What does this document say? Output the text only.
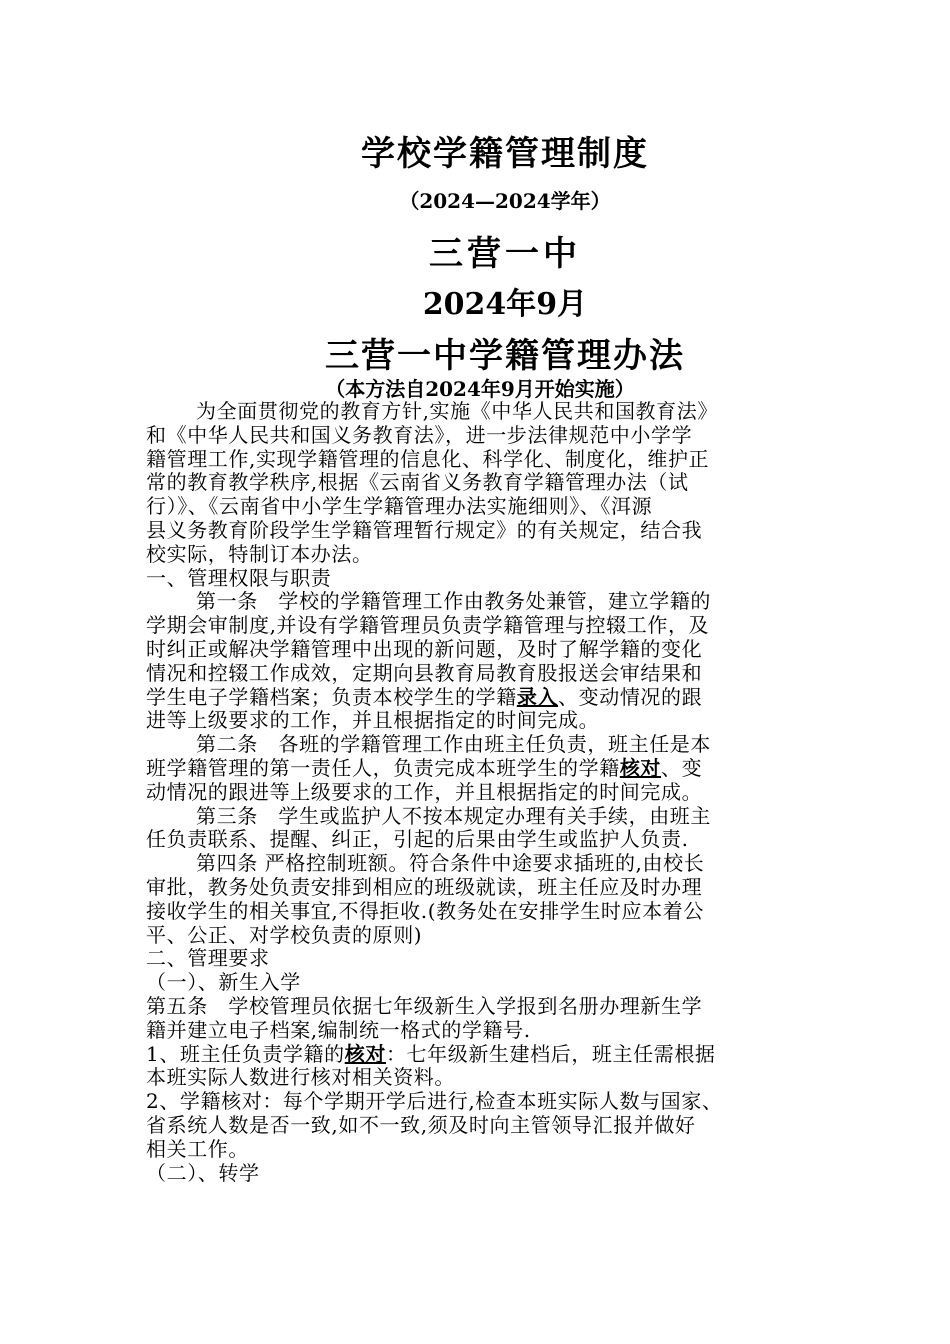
学校学籍管理制度
（2024—2024学年）
三营一中
2024年9月
三营一中学籍管理办法
（本方法自2024年9月开始实施）
为全面贯彻党的教育方针,实施《中华人民共和国教育法》
和《中华人民共和国义务教育法》，进一步法律规范中小学学
籍管理工作,实现学籍管理的信息化、科学化、制度化，维护正
常的教育教学秩序,根据《云南省义务教育学籍管理办法（试
行）》、《云南省中小学生学籍管理办法实施细则》、《洱源
县义务教育阶段学生学籍管理暂行规定》的有关规定，结合我
校实际，特制订本办法。
一、管理权限与职责
第一条　学校的学籍管理工作由教务处兼管，建立学籍的
学期会审制度,并设有学籍管理员负责学籍管理与控辍工作，及
时纠正或解决学籍管理中出现的新问题，及时了解学籍的变化
情况和控辍工作成效，定期向县教育局教育股报送会审结果和
学生电子学籍档案；负责本校学生的学籍录入、变动情况的跟
进等上级要求的工作，并且根据指定的时间完成。
第二条　各班的学籍管理工作由班主任负责，班主任是本
班学籍管理的第一责任人，负责完成本班学生的学籍核对、变
动情况的跟进等上级要求的工作，并且根据指定的时间完成。
第三条　学生或监护人不按本规定办理有关手续，由班主
任负责联系、提醒、纠正，引起的后果由学生或监护人负责.
第四条 严格控制班额。符合条件中途要求插班的,由校长
审批，教务处负责安排到相应的班级就读，班主任应及时办理
接收学生的相关事宜,不得拒收.(教务处在安排学生时应本着公
平、公正、对学校负责的原则)
二、管理要求
（一）、新生入学
第五条　学校管理员依据七年级新生入学报到名册办理新生学
籍并建立电子档案,编制统一格式的学籍号.
1、班主任负责学籍的核对：七年级新生建档后，班主任需根据
本班实际人数进行核对相关资料。
2、学籍核对：每个学期开学后进行,检查本班实际人数与国家、
省系统人数是否一致,如不一致,须及时向主管领导汇报并做好
相关工作。
（二）、转学
